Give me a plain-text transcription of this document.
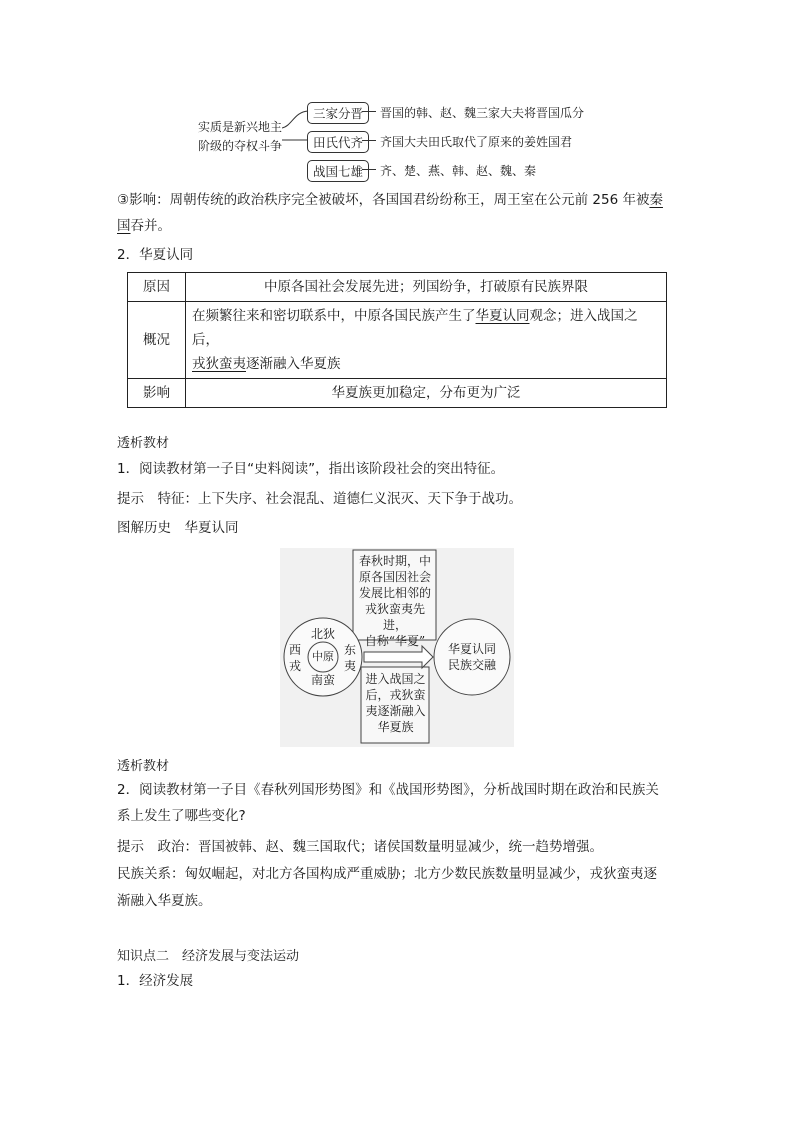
实质是新兴地主
阶级的夺权斗争
三家分晋	晋国的韩、赵、魏三家大夫将晋国瓜分
田氏代齐	齐国大夫田氏取代了原来的姜姓国君
战国七雄	齐、楚、燕、韩、赵、魏、秦
③影响：周朝传统的政治秩序完全被破坏，各国国君纷纷称王，周王室在公元前 256 年被秦
国吞并。
2．华夏认同
原因	中原各国社会发展先进；列国纷争，打破原有民族界限
概况	在频繁往来和密切联系中，中原各国民族产生了华夏认同观念；进入战国之后，
戎狄蛮夷逐渐融入华夏族
影响	华夏族更加稳定，分布更为广泛
透析教材
1．阅读教材第一子目“史料阅读”，指出该阶段社会的突出特征。
提示　特征：上下失序、社会混乱、道德仁义泯灭、天下争于战功。
图解历史　华夏认同
春秋时期，中
原各国因社会
发展比相邻的
戎狄蛮夷先进，
自称“华夏”
进入战国之
后，戎狄蛮
夷逐渐融入
华夏族
北狄
西
戎
中原 东
夷
南蛮
华夏认同
民族交融
透析教材
2．阅读教材第一子目《春秋列国形势图》和《战国形势图》，分析战国时期在政治和民族关
系上发生了哪些变化?
提示　政治：晋国被韩、赵、魏三国取代；诸侯国数量明显减少，统一趋势增强。
民族关系：匈奴崛起，对北方各国构成严重威胁；北方少数民族数量明显减少，戎狄蛮夷逐
渐融入华夏族。
知识点二　经济发展与变法运动
1．经济发展
